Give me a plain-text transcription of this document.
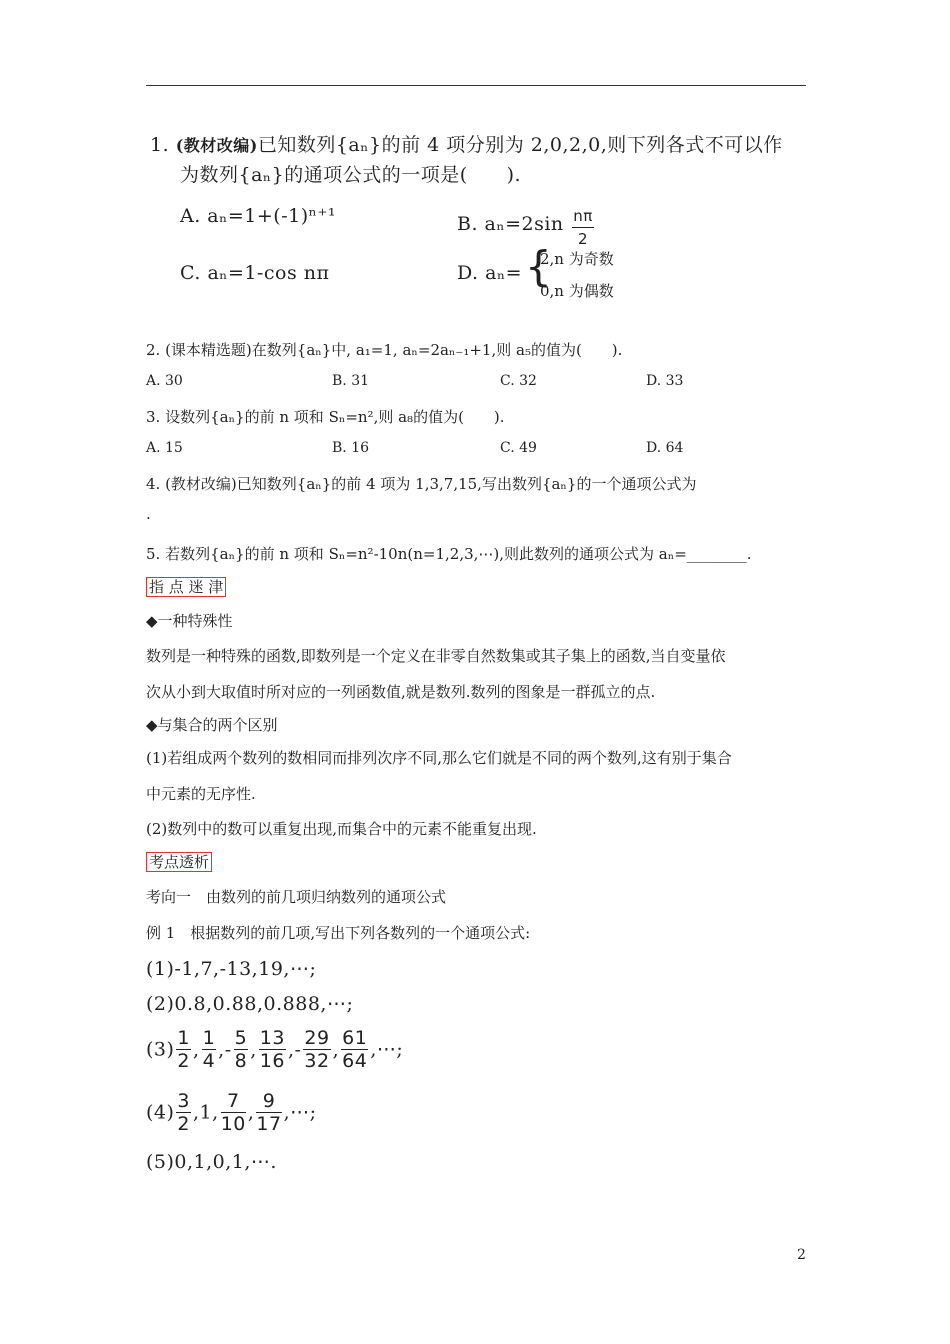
1. (教材改编)已知数列{aₙ}的前 4 项分别为 2,0,2,0,则下列各式不可以作
为数列{aₙ}的通项公式的一项是(　　).
A. aₙ=1+(-1)ⁿ⁺¹	B. $a_n=2\sin \frac{n\pi}{2}$
C. aₙ=1-cos nπ	D. aₙ= {
2,n 为奇数
0,n 为偶数
2. (课本精选题)在数列{aₙ}中, a₁=1, aₙ=2aₙ₋₁+1,则 a₅的值为(　　).
A. 30	B. 31	C. 32	D. 33
3. 设数列{aₙ}的前 n 项和 Sₙ=n²,则 a₈的值为(　　).
A. 15	B. 16	C. 49	D. 64
4. (教材改编)已知数列{aₙ}的前 4 项为 1,3,7,15,写出数列{aₙ}的一个通项公式为
.
5. 若数列{aₙ}的前 n 项和 Sₙ=n²-10n(n=1,2,3,⋯),则此数列的通项公式为 aₙ=________.
指 点 迷 津
◆一种特殊性
数列是一种特殊的函数,即数列是一个定义在非零自然数集或其子集上的函数,当自变量依
次从小到大取值时所对应的一列函数值,就是数列.数列的图象是一群孤立的点.
◆与集合的两个区别
(1)若组成两个数列的数相同而排列次序不同,那么它们就是不同的两个数列,这有别于集合
中元素的无序性.
(2)数列中的数可以重复出现,而集合中的元素不能重复出现.
考点透析
考向一　由数列的前几项归纳数列的通项公式
例 1　根据数列的前几项,写出下列各数列的一个通项公式:
(1)-1,7,-13,19,⋯;
(2)0.8,0.88,0.888,⋯;
$(3) \frac{1}{2}$ , $\frac{1}{4}$ ,- $\frac{5}{8}$ , $\frac{13}{16}$ ,- $\frac{29}{32}$ , $\frac{61}{64}$ ,⋯;
$(4) \frac{3}{2} ,1$, $\frac{7}{10}$ , $\frac{9}{17}$ ,⋯;
(5)0,1,0,1,⋯.
2
